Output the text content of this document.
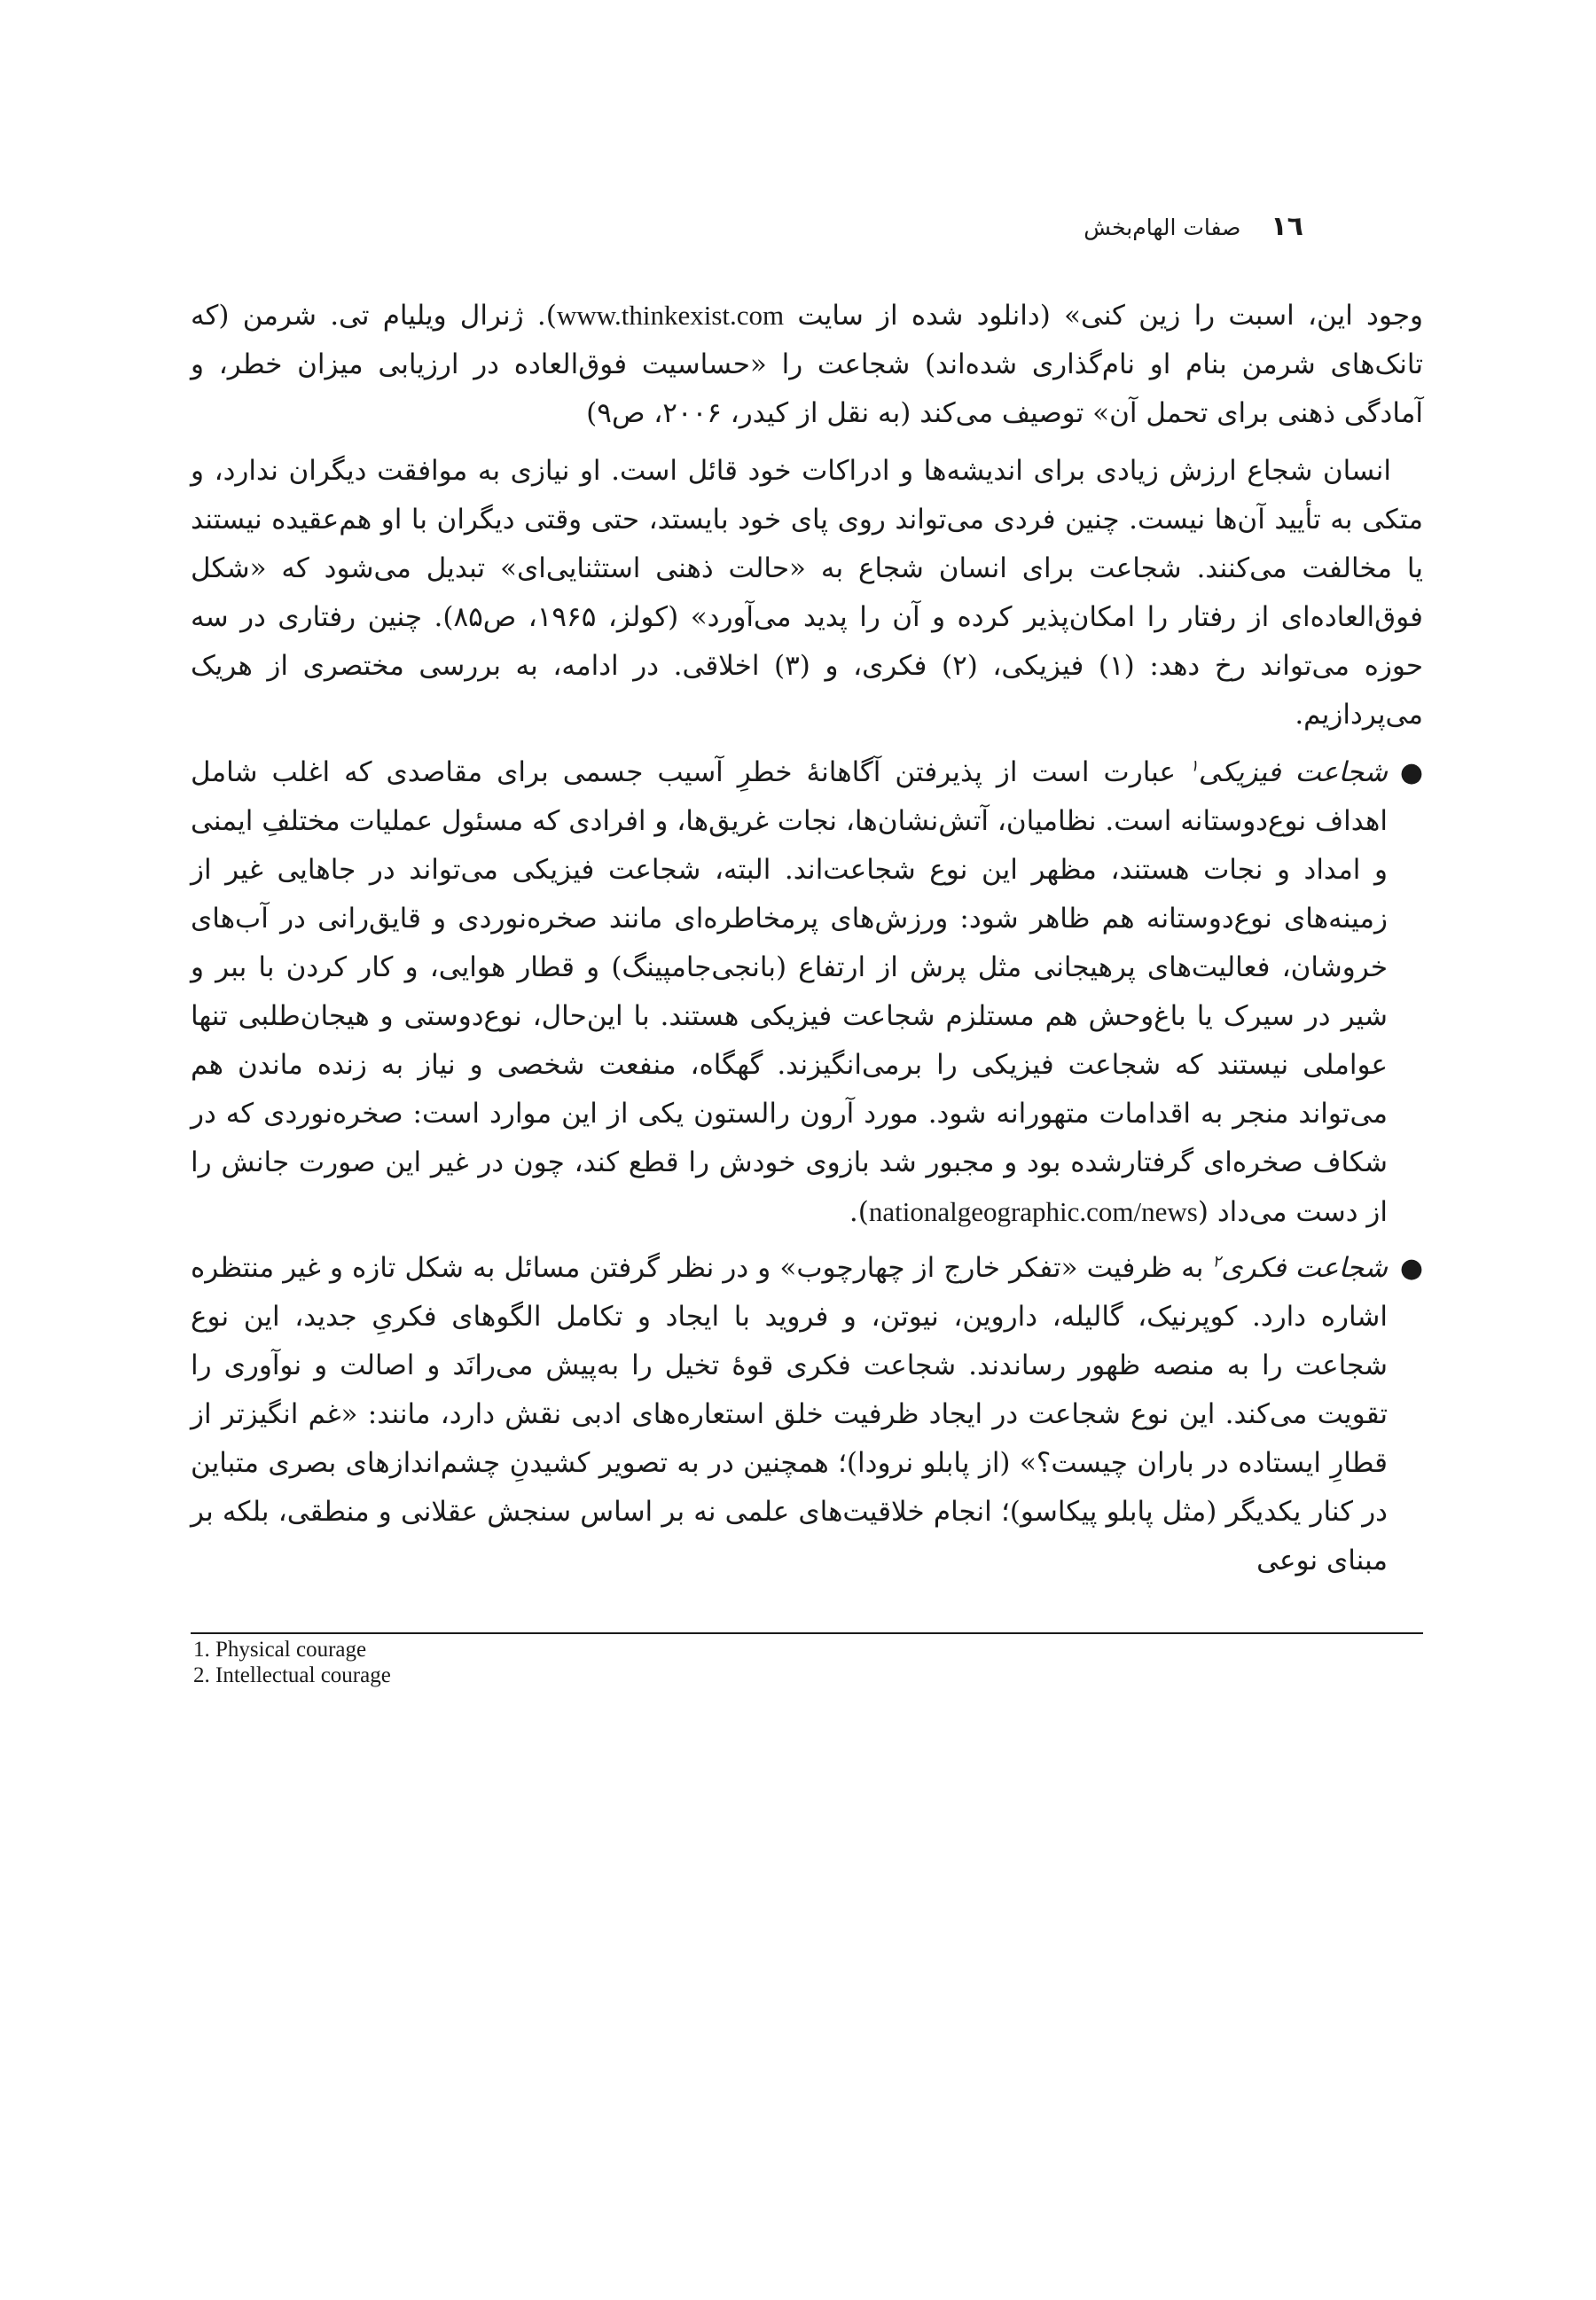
١٦
صفات الهام‌بخش

وجود این، اسبت را زین کنی» (دانلود شده از سایت www.thinkexist.com). ژنرال ویلیام تی. شرمن (که تانک‌های شرمن بنام او نام‌گذاری شده‌اند) شجاعت را «حساسیت فوق‌العاده در ارزیابی میزان خطر، و آمادگی ذهنی برای تحمل آن» توصیف می‌کند (به نقل از کیدر، ۲۰۰۶، ص۹)

انسان شجاع ارزش زیادی برای اندیشه‌ها و ادراکات خود قائل است. او نیازی به موافقت دیگران ندارد، و متکی به تأیید آن‌ها نیست. چنین فردی می‌تواند روی پای خود بایستد، حتی وقتی دیگران با او هم‌عقیده نیستند یا مخالفت می‌کنند. شجاعت برای انسان شجاع به «حالت ذهنی استثنایی‌ای» تبدیل می‌شود که «شکل فوق‌العاده‌ای از رفتار را امکان‌پذیر کرده و آن را پدید می‌آورد» (کولز، ۱۹۶۵، ص۸۵). چنین رفتاری در سه حوزه می‌تواند رخ دهد: (۱) فیزیکی، (۲) فکری، و (۳) اخلاقی. در ادامه، به بررسی مختصری از هریک می‌پردازیم.

●
شجاعت فیزیکی$^۱$ عبارت است از پذیرفتن آگاهانهٔ خطرِ آسیب جسمی برای مقاصدی که اغلب شامل اهداف نوع‌دوستانه است. نظامیان، آتش‌نشان‌ها، نجات غریق‌ها، و افرادی که مسئول عملیات مختلفِ ایمنی و امداد و نجات هستند، مظهر این نوع شجاعت‌اند. البته، شجاعت فیزیکی می‌تواند در جاهایی غیر از زمینه‌های نوع‌دوستانه هم ظاهر شود: ورزش‌های پرمخاطره‌ای مانند صخره‌نوردی و قایق‌رانی در آب‌های خروشان، فعالیت‌های پرهیجانی مثل پرش از ارتفاع (بانجی‌جامپینگ) و قطار هوایی، و کار کردن با ببر و شیر در سیرک یا باغ‌وحش هم مستلزم شجاعت فیزیکی هستند. با این‌حال، نوع‌دوستی و هیجان‌طلبی تنها عواملی نیستند که شجاعت فیزیکی را برمی‌انگیزند. گهگاه، منفعت شخصی و نیاز به زنده ماندن هم می‌تواند منجر به اقدامات متهورانه شود. مورد آرون رالستون یکی از این موارد است: صخره‌نوردی که در شکاف صخره‌ای گرفتارشده بود و مجبور شد بازوی خودش را قطع کند، چون در غیر این صورت جانش را از دست می‌داد (nationalgeographic.com/news).
●
شجاعت فکری$^۲$ به ظرفیت «تفکر خارج از چهارچوب» و در نظر گرفتن مسائل به شکل تازه و غیر منتظره اشاره دارد. کوپرنیک، گالیله، داروین، نیوتن، و فروید با ایجاد و تکامل الگوهای فکریِ جدید، این نوع شجاعت را به منصه ظهور رساندند. شجاعت فکری قوهٔ تخیل را به‌پیش می‌رانَد و اصالت و نوآوری را تقویت می‌کند. این نوع شجاعت در ایجاد ظرفیت خلق استعاره‌های ادبی نقش دارد، مانند: «غم انگیزتر از قطارِ ایستاده در باران چیست؟» (از پابلو نرودا)؛ همچنین در به تصویر کشیدنِ چشم‌اندازهای بصری متباین در کنار یکدیگر (مثل پابلو پیکاسو)؛ انجام خلاقیت‌های علمی نه بر اساس سنجش عقلانی و منطقی، بلکه بر مبنای نوعی

1. Physical courage

2. Intellectual courage
